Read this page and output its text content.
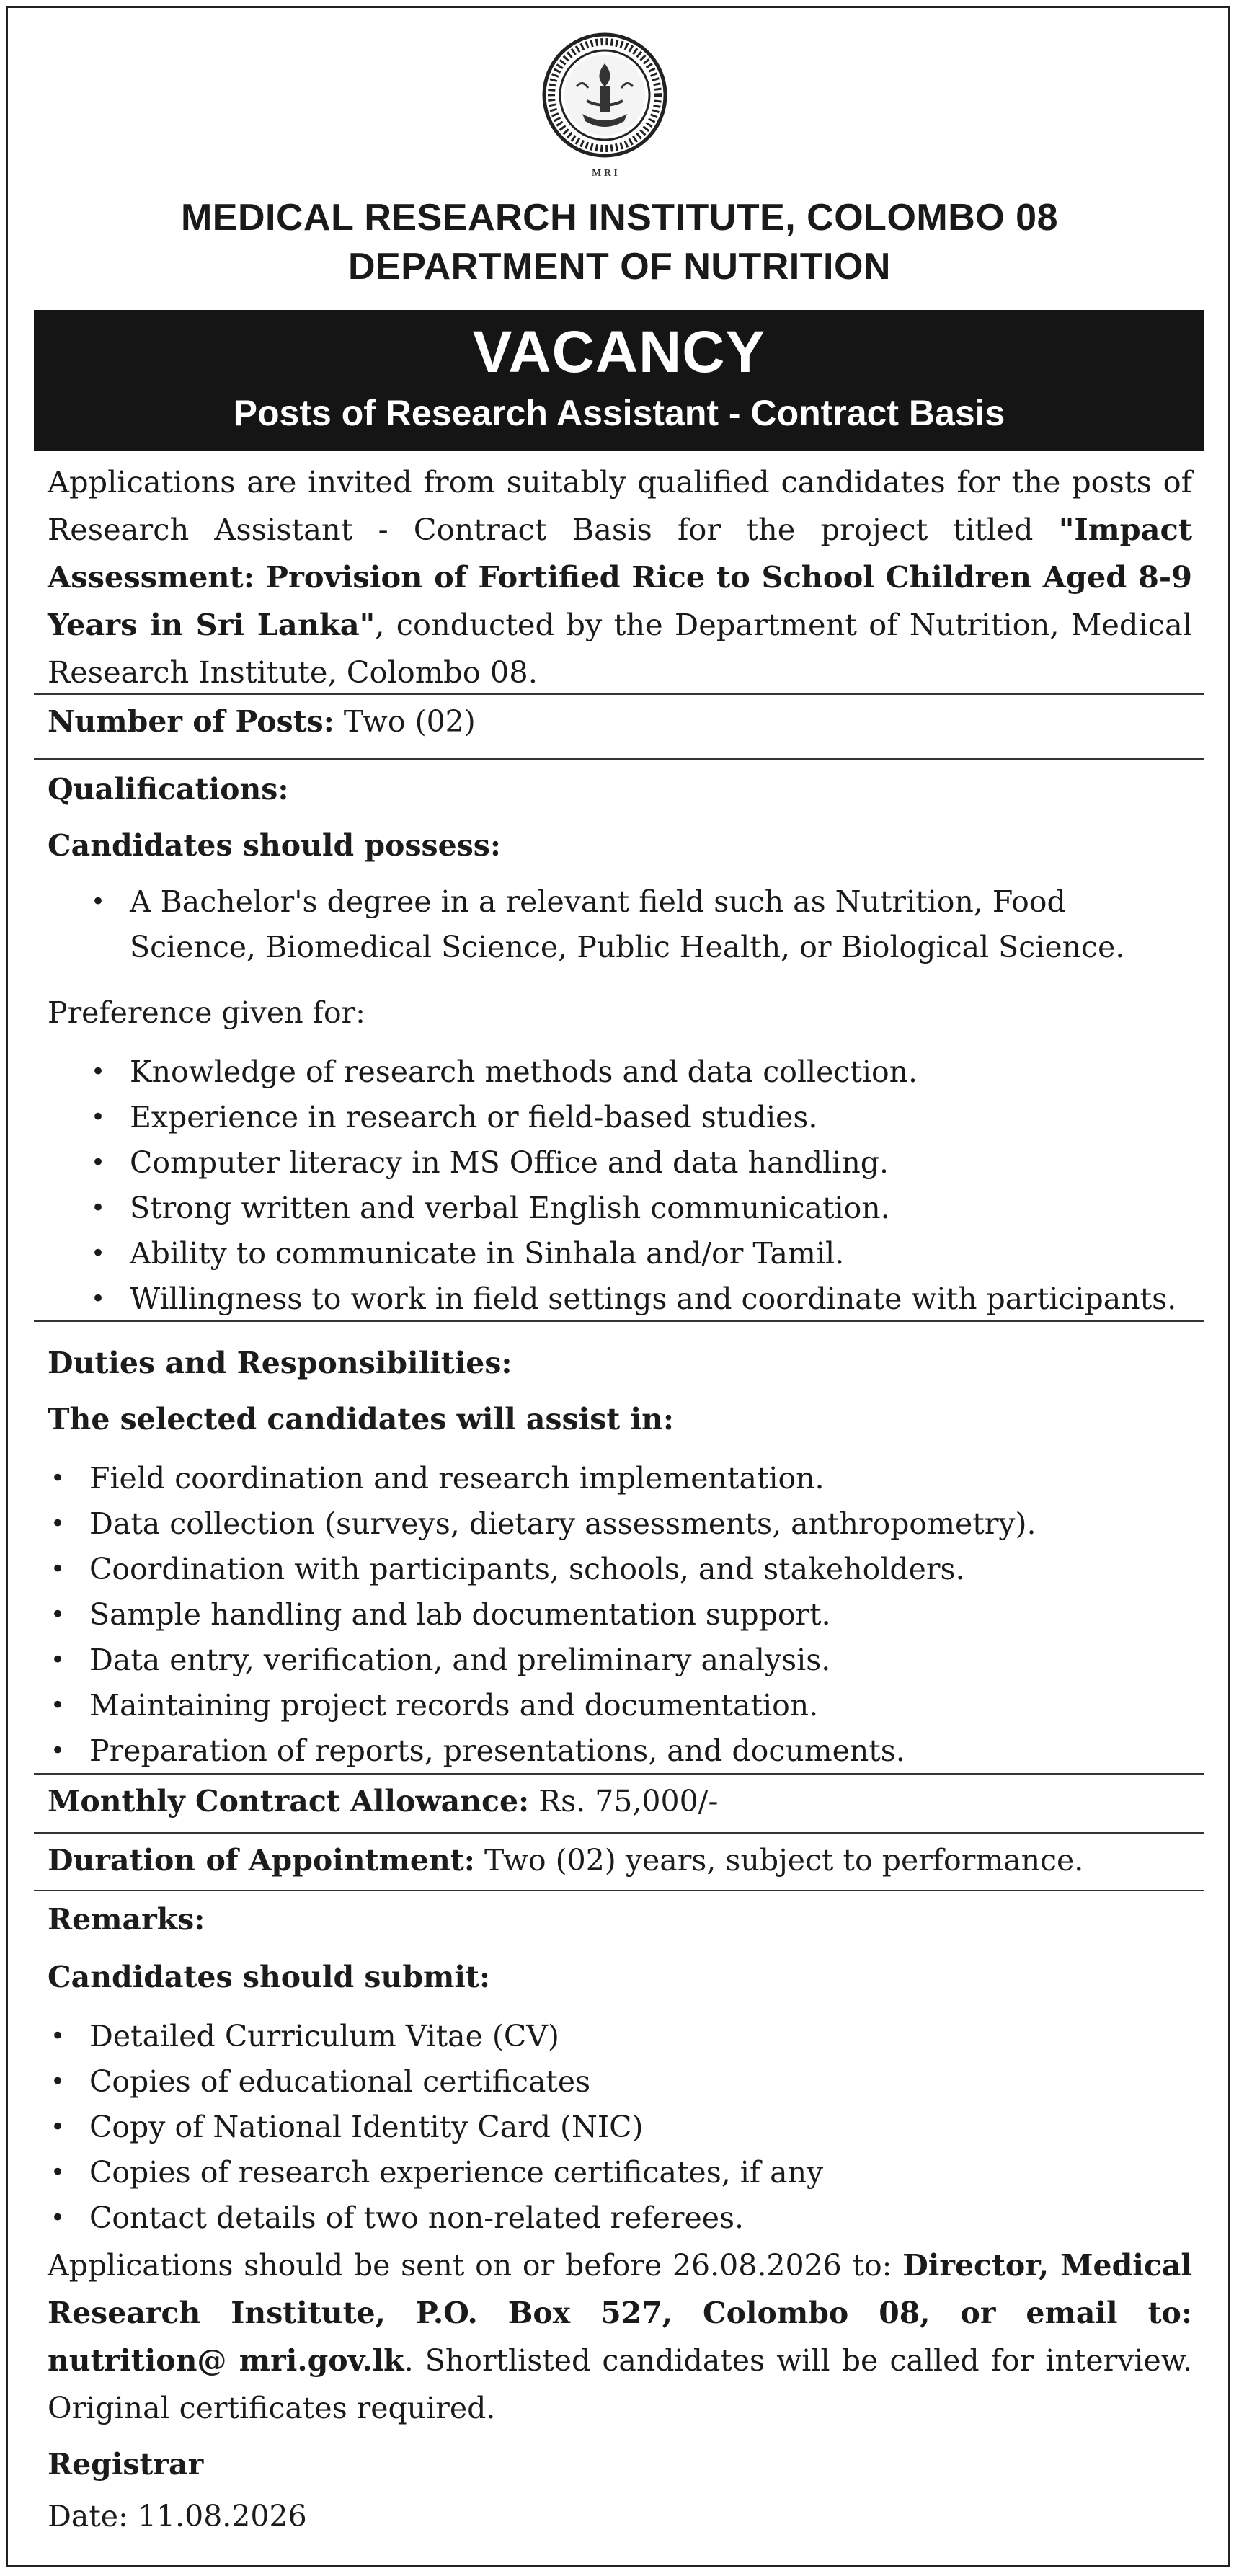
M R I
MEDICAL RESEARCH INSTITUTE, COLOMBO 08
DEPARTMENT OF NUTRITION
VACANCY
Posts of Research Assistant - Contract Basis
Applications are invited from suitably qualified candidates for the posts of Research Assistant - Contract Basis for the project titled "Impact Assessment: Provision of Fortified Rice to School Children Aged 8-9 Years in Sri Lanka", conducted by the Department of Nutrition, Medical Research Institute, Colombo 08.
Number of Posts: Two (02)
Qualifications:
Candidates should possess:
• A Bachelor's degree in a relevant field such as Nutrition, Food Science, Biomedical Science, Public Health, or Biological Science.
Preference given for:
• Knowledge of research methods and data collection.
• Experience in research or field-based studies.
• Computer literacy in MS Office and data handling.
• Strong written and verbal English communication.
• Ability to communicate in Sinhala and/or Tamil.
• Willingness to work in field settings and coordinate with participants.
Duties and Responsibilities:
The selected candidates will assist in:
• Field coordination and research implementation.
• Data collection (surveys, dietary assessments, anthropometry).
• Coordination with participants, schools, and stakeholders.
• Sample handling and lab documentation support.
• Data entry, verification, and preliminary analysis.
• Maintaining project records and documentation.
• Preparation of reports, presentations, and documents.
Monthly Contract Allowance: Rs. 75,000/-
Duration of Appointment: Two (02) years, subject to performance.
Remarks:
Candidates should submit:
• Detailed Curriculum Vitae (CV)
• Copies of educational certificates
• Copy of National Identity Card (NIC)
• Copies of research experience certificates, if any
• Contact details of two non-related referees.
Applications should be sent on or before 26.08.2026 to: Director, Medical Research Institute, P.O. Box 527, Colombo 08, or email to: nutrition@ mri.gov.lk. Shortlisted candidates will be called for interview. Original certificates required.
Registrar
Date: 11.08.2026
